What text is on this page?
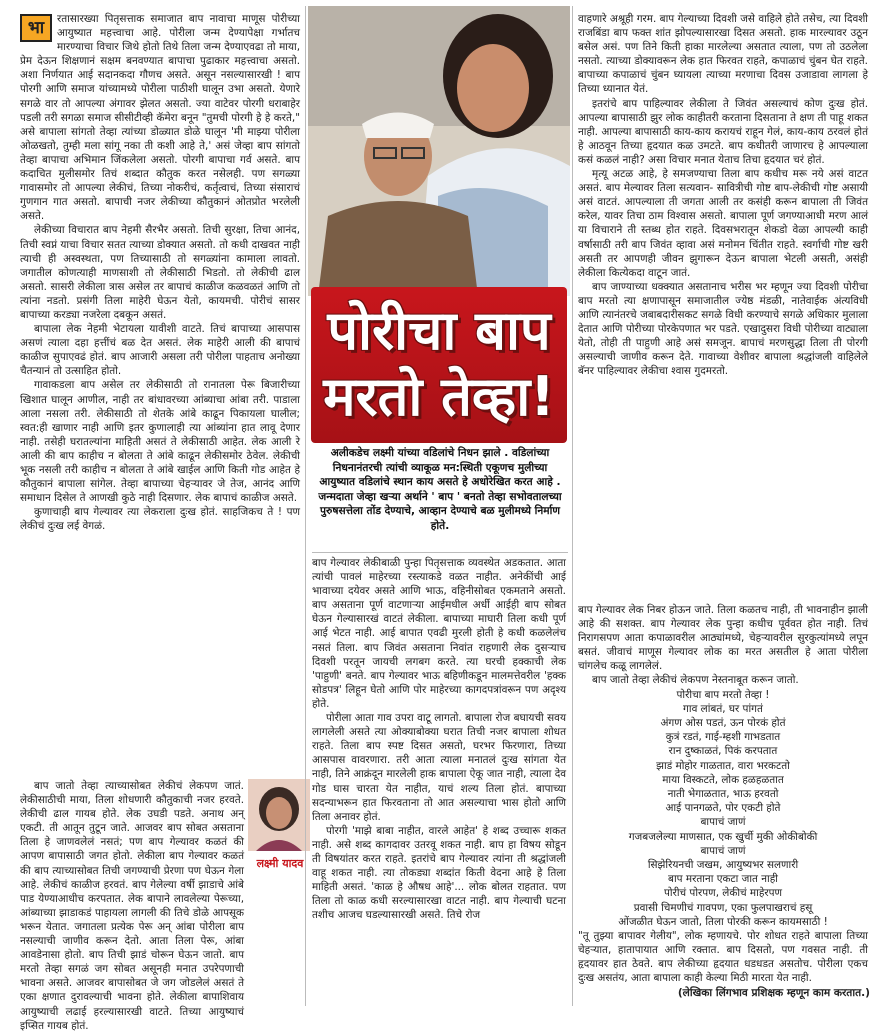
भा	रतासारख्या पितृसत्ताक समाजात बाप नावाचा माणूस पोरीच्या आयुष्यात महत्त्वाचा आहे. पोरीला जन्म देण्यापेक्षा गर्भातच मारण्याचा विचार जिथे होतो तिथे तिला जन्म देण्याएवढा तो माया, प्रेम देऊन शिक्षणानं सक्षम बनवण्यात बापाचा पुढाकार महत्त्वाचा असतो. अशा निर्णयात आई सदानकदा गौणच असते. असून नसल्यासारखी ! बाप पोरगी आणि समाज यांच्यामध्ये पोरीला पाठीशी घालून उभा असतो. येणारे सगळे वार तो आपल्या अंगावर झेलत असतो. ज्या वाटेवर पोरगी धराबाहेर पडली तरी सगळा समाज सीसीटीव्ही कॅमेरा बनून "तुमची पोरगी हे हे करते," असे बापाला सांगतो तेव्हा त्यांच्या डोळ्यात डोळे घालून 'मी माझ्या पोरीला ओळखतो, तुम्ही मला सांगू नका ती कशी आहे ते,' असं जेव्हा बाप सांगतो तेव्हा बापाचा अभिमान जिंकलेला असतो. पोरगी बापाचा गर्व असते. बाप कदाचित मुलीसमोर तिचं शब्दात कौतुक करत नसेलही. पण सगळ्या गावासमोर तो आपल्या लेकीचं, तिच्या नोकरीचं, कर्तृत्वाचं, तिच्या संसाराचं गुणगान गात असतो. बापाची नजर लेकीच्या कौतुकानं ओतप्रोत भरलेली असते.

लेकीच्या विचारात बाप नेहमी सैरभैर असतो. तिची सुरक्षा, तिचा आनंद, तिची स्वप्नं याचा विचार सतत त्याच्या डोक्यात असतो. तो कधी दाखवत नाही त्याची ही अस्वस्थता, पण तिच्यासाठी तो सगळ्यांना कामाला लावतो. जगातील कोणत्याही माणसाशी तो लेकीसाठी भिडतो. तो लेकीची ढाल असतो. सासरी लेकीला त्रास असेल तर बापाचं काळीज कळवळतं आणि तो त्यांना नडतो. प्रसंगी तिला माहेरी घेऊन येतो, कायमची. पोरीचं सासर बापाच्या करड्या नजरेला दबकून असतं.

बापाला लेक नेहमी भेटायला यावीशी वाटते. तिचं बापाच्या आसपास असणं त्याला दहा हत्तींचं बळ देत असतं. लेक माहेरी आली की बापाचं काळीज सुपाएवढं होतं. बाप आजारी असला तरी पोरीला पाहताच अनोख्या चैतन्यानं तो उत्साहित होतो.

गावाकडला बाप असेल तर लेकीसाठी तो रानातला पेरू बिजारीच्या खिशात घालून आणील, नाही तर बांधावरच्या आंब्याचा आंबा तरी. पाडाला आला नसला तरी. लेकीसाठी तो शेतके आंबे काढून पिकायला घालील; स्वत:ही खाणार नाही आणि इतर कुणालाही त्या आंब्यांना हात लावू देणार नाही. तसेही घरातल्यांना माहिती असतं ते लेकीसाठी आहेत. लेक आली रे आली की बाप काहीच न बोलता ते आंबे काढून लेकीसमोर ठेवेल. लेकीची भूक नसली तरी काहीच न बोलता ते आंबे खाईल आणि किती गोड आहेत हे कौतुकानं बापाला सांगेल. तेव्हा बापाच्या चेहऱ्यावर जे तेज, आनंद आणि समाधान दिसेल ते आणखी कुठे नाही दिसणार. लेक बापाचं काळीज असते.

कुणाचाही बाप गेल्यावर त्या लेकराला दुःख होतं. साहजिकच ते ! पण लेकीचं दुःख लई वेगळं.

बाप जातो तेव्हा त्याच्यासोबत लेकीचं लेकपण जातं. लेकीसाठीची माया, तिला शोधणारी कौतुकाची नजर हरवते. लेकीची ढाल गायब होते. लेक उघडी पडते. अनाथ अन् एकटी. ती आतून तुटून जाते. आजवर बाप सोबत असताना तिला हे जाणवलेलं नसतं; पण बाप गेल्यावर कळतं की आपण बापासाठी जगत होतो. लेकीला बाप गेल्यावर कळतं की बाप त्याच्यासोबत तिची जगण्याची प्रेरणा पण घेऊन गेला आहे. लेकीचं काळीज हरवतं. बाप गेलेल्या वर्षी झाडाचे आंबे पाड येण्याआधीच करपतात. लेक बापाने लावलेल्या पेरूच्या, आंब्याच्या झाडाकडं पाहायला लागली की तिचे डोळे आपसूक भरून येतात. जगातला प्रत्येक पेरू अन् आंबा पोरीला बाप नसल्याची जाणीव करून देतो. आता तिला पेरू, आंबा आवडेनासा होतो. बाप तिची झाडं चोरून घेऊन जातो. बाप मरतो तेव्हा सगळं जग सोबत असूनही मनात उपरेपणाची भावना असते. आजवर बापासोबत जे जग जोडलेलं असतं ते एका क्षणात दुरावल्याची भावना होते. लेकीला बापाशिवाय आयुष्याची लढाई हरल्यासारखी वाटते. तिच्या आयुष्याचं इप्सित गायब होतं.

पोरीचा बाप
मरतो तेव्हा!
अलीकडेच लक्ष्मी यांच्या वडिलांचे निधन झाले . वडिलांच्या निधनानंतरची त्यांची व्याकूळ मन:स्थिती एकूणच मुलीच्या आयुष्यात वडिलांचे स्थान काय असते हे अधोरेखित करत आहे . जन्मदाता जेव्हा खऱ्या अर्थाने ' बाप ' बनतो तेव्हा सभोवतालच्या पुरुषसत्तेला तोंड देण्याचे, आव्हान देण्याचे बळ मुलीमध्ये निर्माण होते.

बाप गेल्यावर लेकीबाळी पुन्हा पितृसत्ताक व्यवस्थेत अडकतात. आता त्यांची पावलं माहेरच्या रस्त्याकडे वळत नाहीत. अनेकींची आई भावाच्या दयेवर असते आणि भाऊ, वहिनीसोबत एकमताने असतो. बाप असताना पूर्ण वाटणाऱ्या आईमधील अर्धी आईही बाप सोबत घेऊन गेल्यासारखं वाटतं लेकीला. बापाच्या माघारी तिला कधी पूर्ण आई भेटत नाही. आई बापात एवढी मुरली होती हे कधी कळलेलंच नसतं तिला. बाप जिवंत असताना निवांत राहणारी लेक दुसऱ्याच दिवशी परतून जायची लगबग करते. त्या घरची हक्काची लेक 'पाहुणी' बनते. बाप गेल्यावर भाऊ बहिणीकडून मालमत्तेवरील 'हक्क सोडपत्र' लिहून घेतो आणि पोर माहेरच्या कागदपत्रांवरून पण अदृश्य होते.

पोरीला आता गाव उपरा वाटू लागतो. बापाला रोज बघायची सवय लागलेली असते त्या ओक्याबोक्या घरात तिची नजर बापाला शोधत राहते. तिला बाप स्पष्ट दिसत असतो, घरभर फिरणारा, तिच्या आसपास वावरणारा. तरी आता त्याला मनातलं दुःख सांगता येत नाही, तिने आक्रंदून मारलेली हाक बापाला ऐकू जात नाही, त्याला देव गोड घास चारता येत नाहीत, याचं शल्य तिला होतं. बापाच्या सदन्याभरून हात फिरवताना तो आत असल्याचा भास होतो आणि तिला अनावर होतं.

पोरगी 'माझे बाबा नाहीत, वारले आहेत' हे शब्द उच्चारू शकत नाही. असे शब्द कागदावर उतरवू शकत नाही. बाप हा विषय सोडून ती विषयांतर करत राहते. इतरांचे बाप गेल्यावर त्यांना ती श्रद्धांजली वाहू शकत नाही. त्या तोकड्या शब्दांत किती वेदना आहे हे तिला माहिती असतं. 'काळ हे औषध आहे'... लोक बोलत राहतात. पण तिला तो काळ कधी सरल्यासारखा वाटत नाही. बाप गेल्याची घटना तशीच आजच घडल्यासारखी असते. तिचे रोज

लक्ष्मी यादव

वाहणारे अश्रूही गरम. बाप गेल्याच्या दिवशी जसे वाहिले होते तसेच, त्या दिवशी राजबिंडा बाप फक्त शांत झोपल्यासारखा दिसत असतो. हाक मारल्यावर उठून बसेल असं. पण तिने किती हाका मारलेल्या असतात त्याला, पण तो उठलेला नसतो. त्याच्या डोक्यावरून लेक हात फिरवत राहते, कपाळाचं चुंबन घेत राहते. बापाच्या कपाळाचं चुंबन घ्यायला त्याच्या मरणाचा दिवस उजाडावा लागला हे तिच्या ध्यानात येतं.

इतरांचे बाप पाहिल्यावर लेकीला ते जिवंत असल्याचं कोण दुःख होतं. आपल्या बापासाठी झुर लोक काहीतरी करताना दिसताना ते क्षण ती पाहू शकत नाही. आपल्या बापासाठी काय-काय करायचं राहून गेलं, काय-काय ठरवलं होतं हे आठवून तिच्या हृदयात कळ उमटते. बाप कधीतरी जाणारच हे आपल्याला कसं कळलं नाही? असा विचार मनात येताच तिचा हृदयात चरं होतं.

मृत्यू अटळ आहे, हे समजण्याचा तिला बाप कधीच मरू नये असं वाटत असतं. बाप मेल्यावर तिला सत्यवान- सावित्रीची गोष्ट बाप-लेकीची गोष्ट असायी असं वाटतं. आपल्याला ती जगता आली तर कसंही करून बापाला ती जिवंत करेल, यावर तिचा ठाम विश्वास असतो. बापाला पूर्ण जगण्याआधी मरण आलं या विचाराने ती स्तब्ध होत राहते. दिवसभरातून शेकडो वेळा आपल्यी काही वर्षासाठी तरी बाप जिवंत व्हावा असं मनोमन चिंतीत राहते. स्वर्गाची गोष्ट खरी असती तर आपणही जीवन झुगारून देऊन बापाला भेटली असती, असंही लेकीला कित्येकदा वाटून जातं.

बाप जाण्याच्या धक्क्यात असतानाच भरीस भर म्हणून ज्या दिवशी पोरीचा बाप मरतो त्या क्षणापासून समाजातील ज्येष्ठ मंडळी, नातेवाईक अंत्यविधी आणि त्यानंतरचे जबाबदारीसकट सगळे विधी करण्याचे सगळे अधिकार मुलाला देतात आणि पोरीच्या पोरकेपणात भर पडते. एखादुसरा विधी पोरीच्या वाट्याला येतो, तोही ती पाहुणी आहे असं समजून. बापाचं मरणसुद्धा तिला ती पोरगी असल्याची जाणीव करून देते. गावाच्या वेशीवर बापाला श्रद्धांजली वाहिलेले बॅनर पाहिल्यावर लेकीचा श्वास गुदमरतो.

बाप गेल्यावर लेक निबर होऊन जाते. तिला कळतच नाही, ती भावनाहीन झाली आहे की सशक्त. बाप गेल्यावर लेक पुन्हा कधीच पूर्ववत होत नाही. तिचं निरागसपण आता कपाळावरील आठ्यांमध्ये, चेहऱ्यावरील सुरकुत्यांमध्ये लपून बसतं. जीवाचं माणूस गेल्यावर लोक का मरत असतील हे आता पोरीला चांगलेच कळू लागलेलं.

बाप जातो तेव्हा लेकीचं लेकपण नेस्तनाबूत करून जातो.

पोरीचा बाप मरतो तेव्हा !
गाव लांबतं, घर पांगतं
अंगण ओस पडतं, ऊन पोरकं होतं
कुत्रं रडतं, गाई-म्हशी गाभडतात
रान दुष्काळतं, पिकं करपतात
झाडं मोहोर गाळतात, वारा भरकटतो
माया विस्कटते, लोक हळहळतात
नाती भेगाळतात, भाऊ हरवतो
आई पानगळते, पोर एकटी होते
बापाचं जाणं
गजबजलेल्या माणसात, एक खुर्ची मुकी ओकीबोकी
बापाचं जाणं
सिझेरियनची जखम, आयुष्यभर सलणारी
बाप मरताना एकटा जात नाही
पोरीचं पोरपण, लेकीचं माहेरपण
प्रवासी चिमणीचं गावपण, एका फुलपाखराचं हसू
ओंजळीत घेऊन जातो, तिला पोरकी करून कायमसाठी !

"तू तुझ्या बापावर गेलीय", लोक म्हणायचे. पोर शोधत राहते बापाला तिच्या चेहऱ्यात, हातापायात आणि रक्तात. बाप दिसतो, पण गवसत नाही. ती हृदयावर हात ठेवते. बाप लेकीच्या हृदयात धडधडत असतोच. पोरीला एकच दुःख असतंय, आता बापाला काही केल्या मिठी मारता येत नाही.

(लेखिका लिंगभाव प्रशिक्षक म्हणून काम करतात.)
